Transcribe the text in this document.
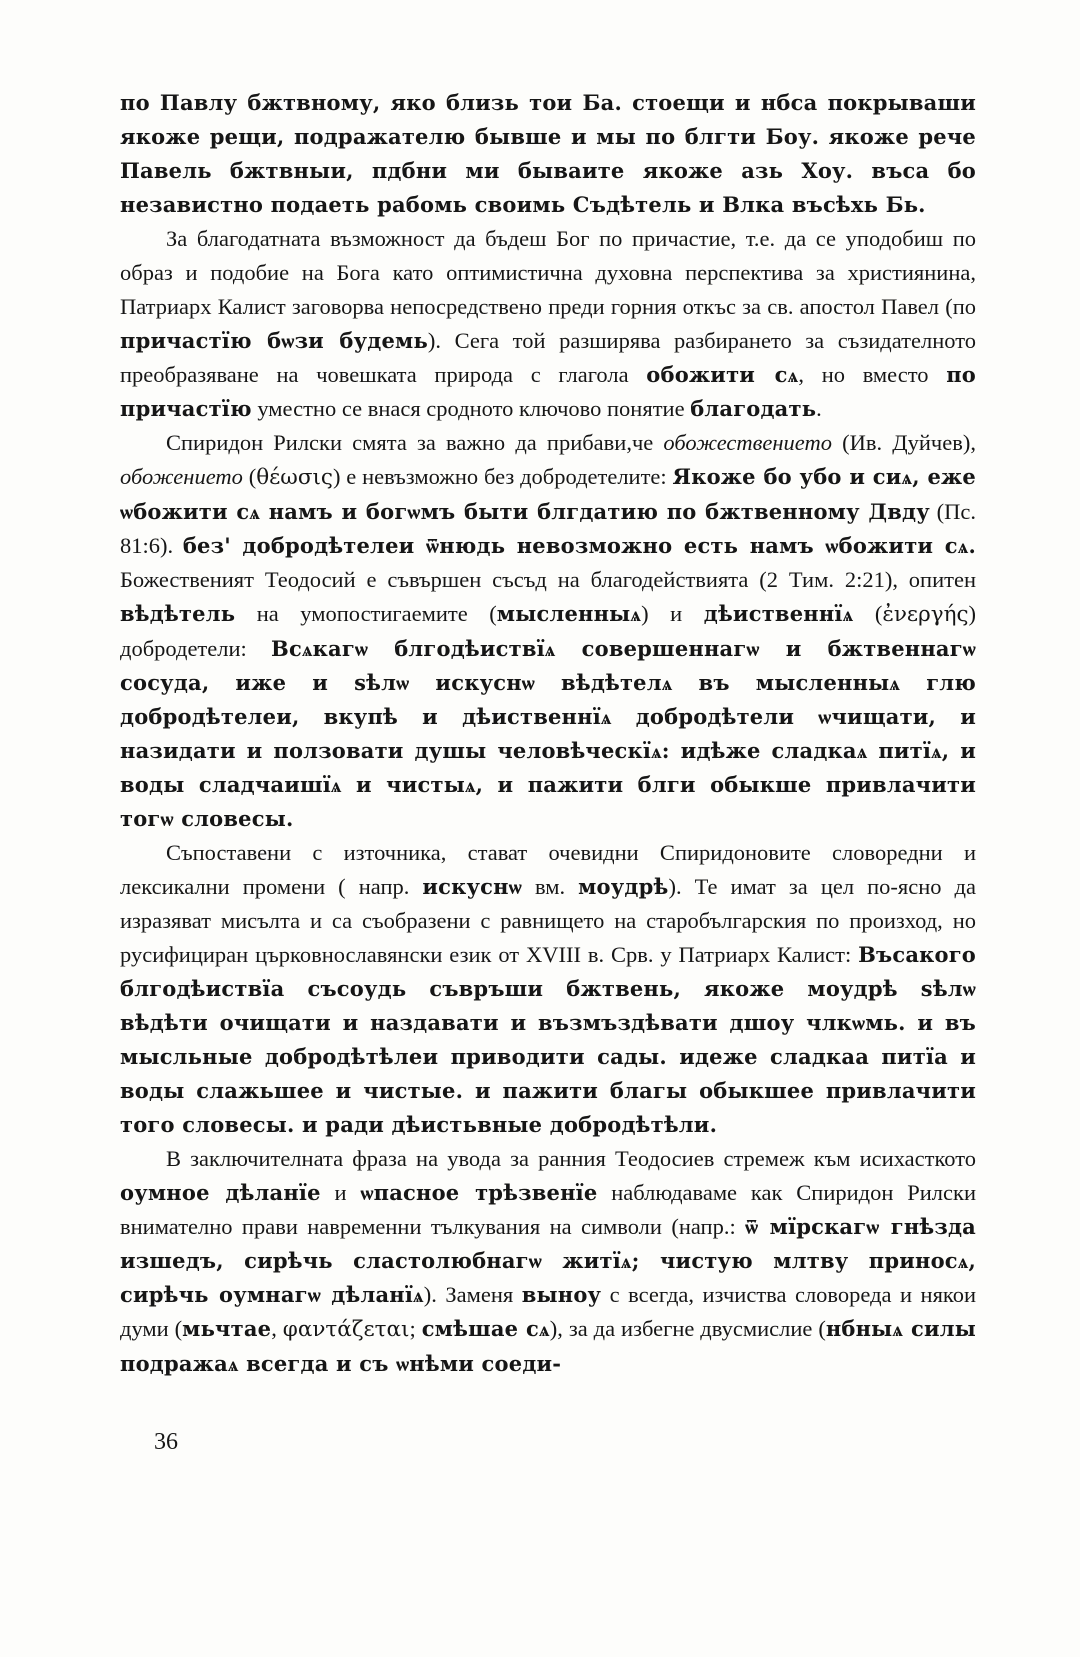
по Павлу бжтвному, яко близь тои Ба. стоещи и нбса покрываши якоже рещи, подражателю бывше и мы по блгти Боу. якоже рече Павель бжтвныи, пдбни ми бываите якоже азь Хоу. въса бо независтно подаеть рабомь своимь Съдѣтель и Влка въсѣхь Бь.

За благодатната възможност да бъдеш Бог по причастие, т.е. да се уподобиш по образ и подобие на Бога като оптимистична духовна перспектива за християнина, Патриарх Калист заговорва непосредствено преди горния откъс за св. апостол Павел (по причастїю бѡзи будемь). Сега той разширява разбирането за съзидателното преобразяване на човешката природа с глагола обожити сѧ, но вместо по причастїю уместно се внася сродното ключово понятие благодать.

Спиридон Рилски смята за важно да прибави,че обожествението (Ив. Дуйчев), обожението (θέωσις) е невъзможно без добродетелите: Якоже бо убо и сиѧ, еже ѡбожити сѧ намъ и богѡмъ быти блгдатию по бжтвенному Двду (Пс. 81:6). без' добродѣтелеи ѿнюдь невозможно есть намъ ѡбожити сѧ. Божественият Теодосий е съвършен съсъд на благодействията (2 Тим. 2:21), опитен вѣдѣтель на умопостигаемите (мысленныѧ) и дѣиственнїѧ (ἐνεργής) добродетели: Всѧкагѡ блгодѣиствїѧ совершеннагѡ и бжтвеннагѡ сосуда, иже и ѕѣлѡ искуснѡ вѣдѣтелѧ въ мысленныѧ глю добродѣтелеи, вкупѣ и дѣиственнїѧ добродѣтели ѡчищати, и назидати и ползовати душы человѣческїѧ: идѣже сладкаѧ питїѧ, и воды сладчаишїѧ и чистыѧ, и пажити блги обыкше привлачити тогѡ словесы.

Съпоставени с източника, стават очевидни Спиридоновите словоредни и лексикални промени ( напр. искуснѡ вм. моудрѣ). Те имат за цел по-ясно да изразяват мисълта и са съобразени с равнището на старобългарския по произход, но русифициран църковнославянски език от XVIII в. Срв. у Патриарх Калист: Въсакого блгодѣиствїа съсоудь съвръши бжтвень, якоже моудрѣ ѕѣлѡ вѣдѣти очищати и наздавати и възмъздѣвати дшоу члкѡмь. и въ мысльные добродѣтѣлеи приводити сады. идеже сладкаа питїа и воды слажьшее и чистые. и пажити благы обыкшее привлачити того словесы. и ради дѣистьвные добродѣтѣли.

В заключителната фраза на увода за ранния Теодосиев стремеж към исихасткото оумное дѣланїе и ѡпасное трѣзвенїе наблюдаваме как Спиридон Рилски внимателно прави навременни тълкувания на символи (напр.: ѿ мїрскагѡ гнѣзда изшедъ, сирѣчь сластолюбнагѡ житїѧ; чистую млтву приносѧ, сирѣчь оумнагѡ дѣланїѧ). Заменя выноу с всегда, изчиства словореда и някои думи (мьчтае, φαντάζεται; смѣшае сѧ), за да избегне двусмислие (нбныѧ силы подражаѧ всегда и съ ѡнѣми соеди-

36
